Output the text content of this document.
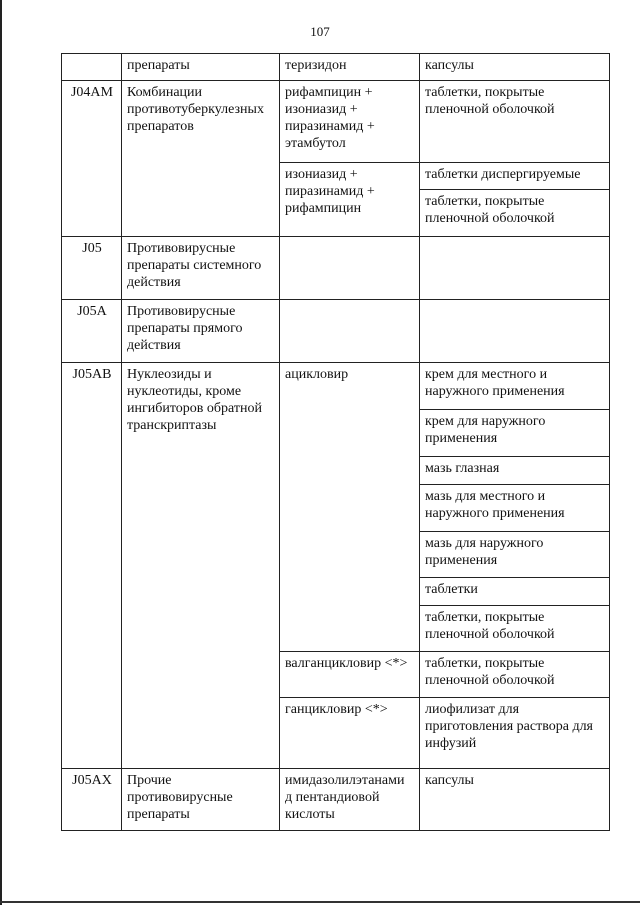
107
	препараты	теризидон	капсулы
J04AM	Комбинации
противотуберкулезных
препаратов	рифампицин +
изониазид +
пиразинамид +
этамбутол	таблетки, покрытые
пленочной оболочкой
		изониазид +
пиразинамид +
рифампицин	таблетки диспергируемые
			таблетки, покрытые
пленочной оболочкой
J05	Противовирусные
препараты системного
действия		
J05A	Противовирусные
препараты прямого
действия		
J05AB	Нуклеозиды и
нуклеотиды, кроме
ингибиторов обратной
транскриптазы	ацикловир	крем для местного и
наружного применения
			крем для наружного
применения
			мазь глазная
			мазь для местного и
наружного применения
			мазь для наружного
применения
			таблетки
			таблетки, покрытые
пленочной оболочкой
		валганцикловир <*>	таблетки, покрытые
пленочной оболочкой
		ганцикловир <*>	лиофилизат для
приготовления раствора для
инфузий
J05AX	Прочие
противовирусные
препараты	имидазолилэтанами
д пентандиовой
кислоты	капсулы
